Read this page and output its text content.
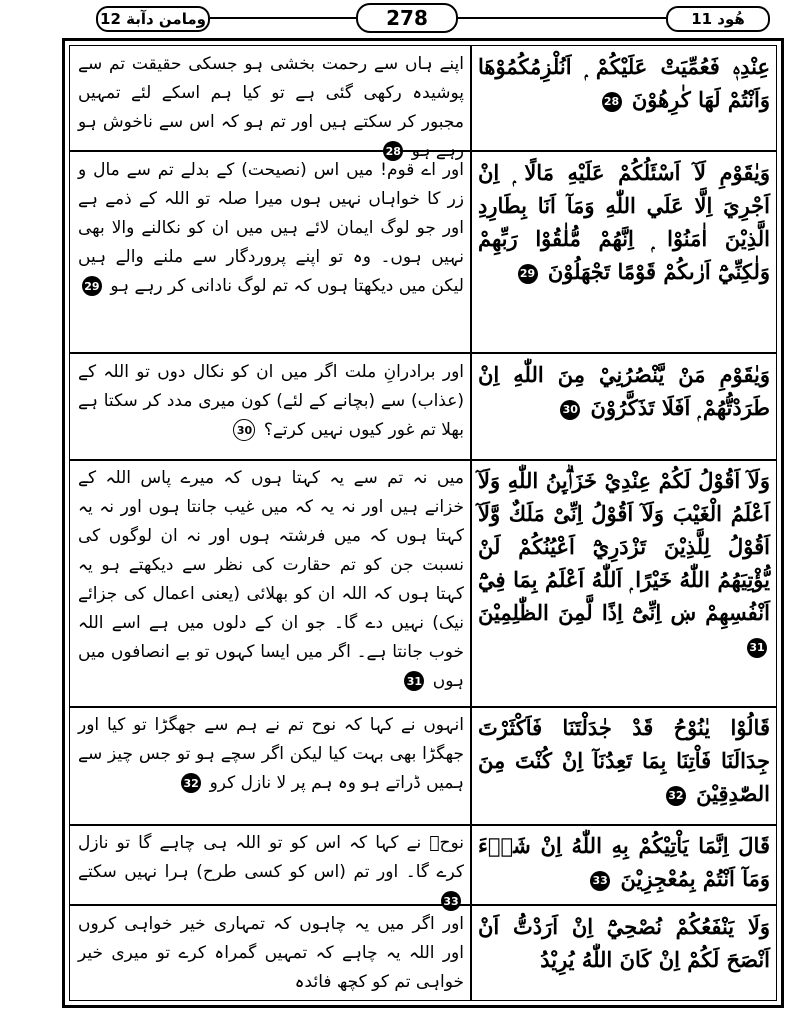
ومامن دآبة 12	278	هُود 11
عِنْدِهٖ فَعُمِّيَتْ عَلَيْكُمْ ۭ اَنُلْزِمُكُمُوْهَا وَاَنْتُمْ لَهَا كٰرِهُوْنَ 28
اپنے ہاں سے رحمت بخشی ہو جسکی حقیقت تم سے پوشیدہ رکھی گئی ہے تو کیا ہم اسکے لئے تمہیں مجبور کر سکتے ہیں اور تم ہو کہ اس سے ناخوش ہو رہے ہو 28
وَيٰقَوْمِ لَآ اَسْئَلُكُمْ عَلَيْهِ مَالًا ۭ اِنْ اَجْرِيَ اِلَّا عَلَي اللّٰهِ وَمَآ اَنَا بِطَارِدِ الَّذِيْنَ اٰمَنُوْا ۭ اِنَّهُمْ مُّلٰقُوْا رَبِّهِمْ وَلٰكِنِّيْٓ اَرٰىكُمْ قَوْمًا تَجْهَلُوْنَ 29
اور اے قوم! میں اس (نصیحت) کے بدلے تم سے مال و زر کا خواہاں نہیں ہوں میرا صلہ تو اللہ کے ذمے ہے اور جو لوگ ایمان لائے ہیں میں ان کو نکالنے والا بھی نہیں ہوں۔ وہ تو اپنے پروردگار سے ملنے والے ہیں لیکن میں دیکھتا ہوں کہ تم لوگ نادانی کر رہے ہو 29
وَيٰقَوْمِ مَنْ يَّنْصُرُنِيْ مِنَ اللّٰهِ اِنْ طَرَدْتُّهُمْ ۭ اَفَلَا تَذَكَّرُوْنَ 30
اور برادرانِ ملت اگر میں ان کو نکال دوں تو اللہ کے (عذاب) سے (بچانے کے لئے) کون میری مدد کر سکتا ہے بھلا تم غور کیوں نہیں کرتے؟ 30
وَلَآ اَقُوْلُ لَكُمْ عِنْدِيْ خَزَاۗىِٕنُ اللّٰهِ وَلَآ اَعْلَمُ الْغَيْبَ وَلَآ اَقُوْلُ اِنِّىْ مَلَكٌ وَّلَآ اَقُوْلُ لِلَّذِيْنَ تَزْدَرِيْٓ اَعْيُنُكُمْ لَنْ يُّؤْتِيَهُمُ اللّٰهُ خَيْرًا ۭ اَللّٰهُ اَعْلَمُ بِمَا فِيْٓ اَنْفُسِهِمْ ښ اِنِّىْٓ اِذًا لَّمِنَ الظّٰلِمِيْنَ 31
میں نہ تم سے یہ کہتا ہوں کہ میرے پاس اللہ کے خزانے ہیں اور نہ یہ کہ میں غیب جانتا ہوں اور نہ یہ کہتا ہوں کہ میں فرشتہ ہوں اور نہ ان لوگوں کی نسبت جن کو تم حقارت کی نظر سے دیکھتے ہو یہ کہتا ہوں کہ اللہ ان کو بھلائی (یعنی اعمال کی جزائے نیک) نہیں دے گا۔ جو ان کے دلوں میں ہے اسے اللہ خوب جانتا ہے۔ اگر میں ایسا کہوں تو بے انصافوں میں ہوں 31
قَالُوْا يٰنُوْحُ قَدْ جٰدَلْتَنَا فَاَكْثَرْتَ جِدَالَنَا فَاْتِنَا بِمَا تَعِدُنَآ اِنْ كُنْتَ مِنَ الصّٰدِقِيْنَ 32
انہوں نے کہا کہ نوح تم نے ہم سے جھگڑا تو کیا اور جھگڑا بھی بہت کیا لیکن اگر سچے ہو تو جس چیز سے ہمیں ڈراتے ہو وہ ہم پر لا نازل کرو 32
قَالَ اِنَّمَا يَاْتِيْكُمْ بِهِ اللّٰهُ اِنْ شَاۗءَ وَمَآ اَنْتُمْ بِمُعْجِزِيْنَ 33
نوحؑ نے کہا کہ اس کو تو اللہ ہی چاہے گا تو نازل کرے گا۔ اور تم (اس کو کسی طرح) ہرا نہیں سکتے 33
وَلَا يَنْفَعُكُمْ نُصْحِيْٓ اِنْ اَرَدْتُّ اَنْ اَنْصَحَ لَكُمْ اِنْ كَانَ اللّٰهُ يُرِيْدُ
اور اگر میں یہ چاہوں کہ تمہاری خیر خواہی کروں اور اللہ یہ چاہے کہ تمہیں گمراہ کرے تو میری خیر خواہی تم کو کچھ فائدہ
